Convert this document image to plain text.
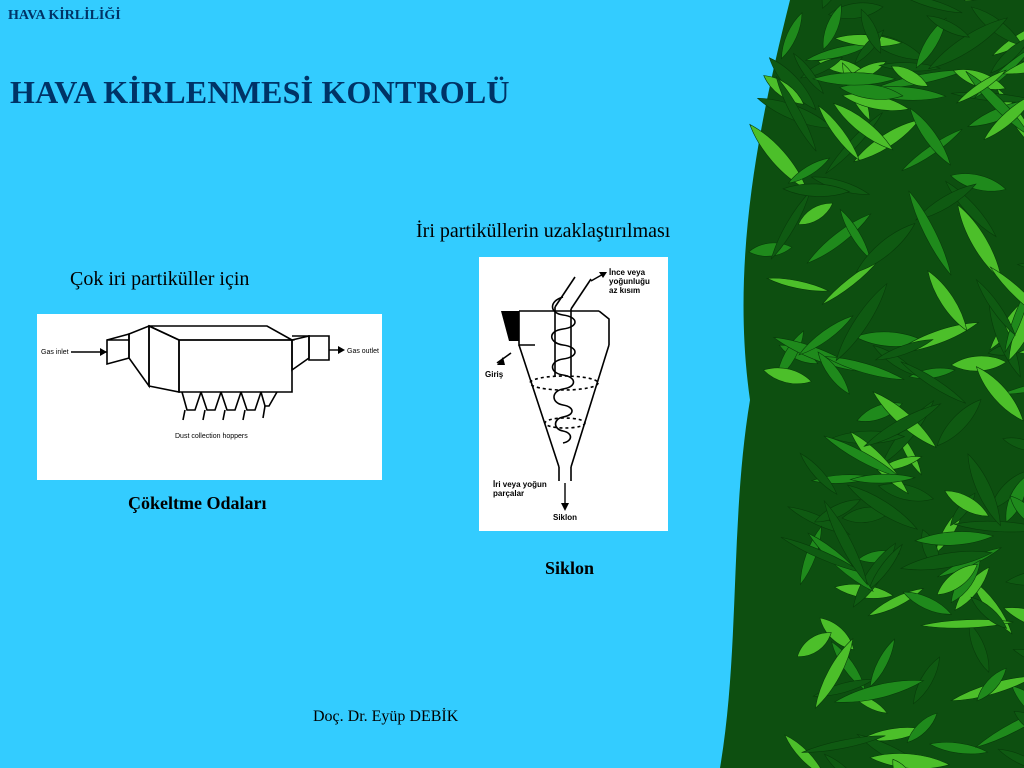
HAVA KİRLİLİĞİ
HAVA KİRLENMESİ KONTROLÜ
İri partiküllerin uzaklaştırılması
Çok iri partiküller için
Gas inlet	Gas outlet
Dust collection hoppers
Çökeltme Odaları
İnce veya
yoğunluğu
az kısım
Giriş
İri veya yoğun
parçalar
Siklon
Siklon
Doç. Dr. Eyüp DEBİK
